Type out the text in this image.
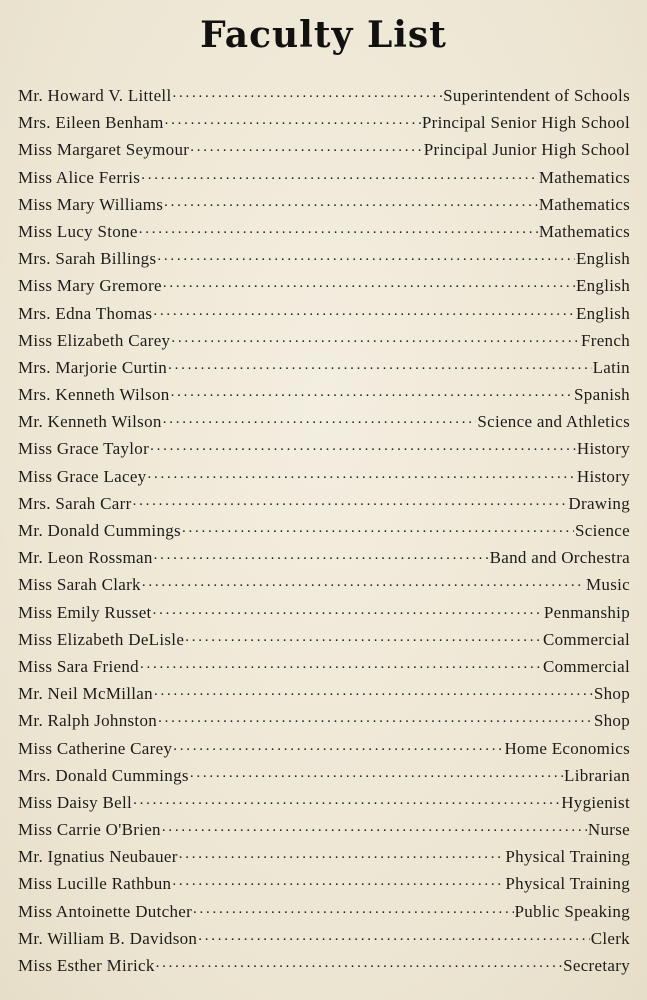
Faculty List
Mr. Howard V. Littell . . .	Superintendent of Schools
Mrs. Eileen Benham . . .	Principal Senior High School
Miss Margaret Seymour . . .	Principal Junior High School
Miss Alice Ferris . . .	Mathematics
Miss Mary Williams . . .	Mathematics
Miss Lucy Stone . . .	Mathematics
Mrs. Sarah Billings . . .	English
Miss Mary Gremore . . .	English
Mrs. Edna Thomas . . .	English
Miss Elizabeth Carey . . .	French
Mrs. Marjorie Curtin . . .	Latin
Mrs. Kenneth Wilson . . .	Spanish
Mr. Kenneth Wilson . . .	Science and Athletics
Miss Grace Taylor . . .	History
Miss Grace Lacey . . .	History
Mrs. Sarah Carr . . .	Drawing
Mr. Donald Cummings . . .	Science
Mr. Leon Rossman . . .	Band and Orchestra
Miss Sarah Clark . . .	Music
Miss Emily Russet . . .	Penmanship
Miss Elizabeth DeLisle . . .	Commercial
Miss Sara Friend . . .	Commercial
Mr. Neil McMillan . . .	Shop
Mr. Ralph Johnston . . .	Shop
Miss Catherine Carey . . .	Home Economics
Mrs. Donald Cummings . . .	Librarian
Miss Daisy Bell . . .	Hygienist
Miss Carrie O'Brien . . .	Nurse
Mr. Ignatius Neubauer . . .	Physical Training
Miss Lucille Rathbun . . .	Physical Training
Miss Antoinette Dutcher . . .	Public Speaking
Mr. William B. Davidson . . .	Clerk
Miss Esther Mirick . . .	Secretary
